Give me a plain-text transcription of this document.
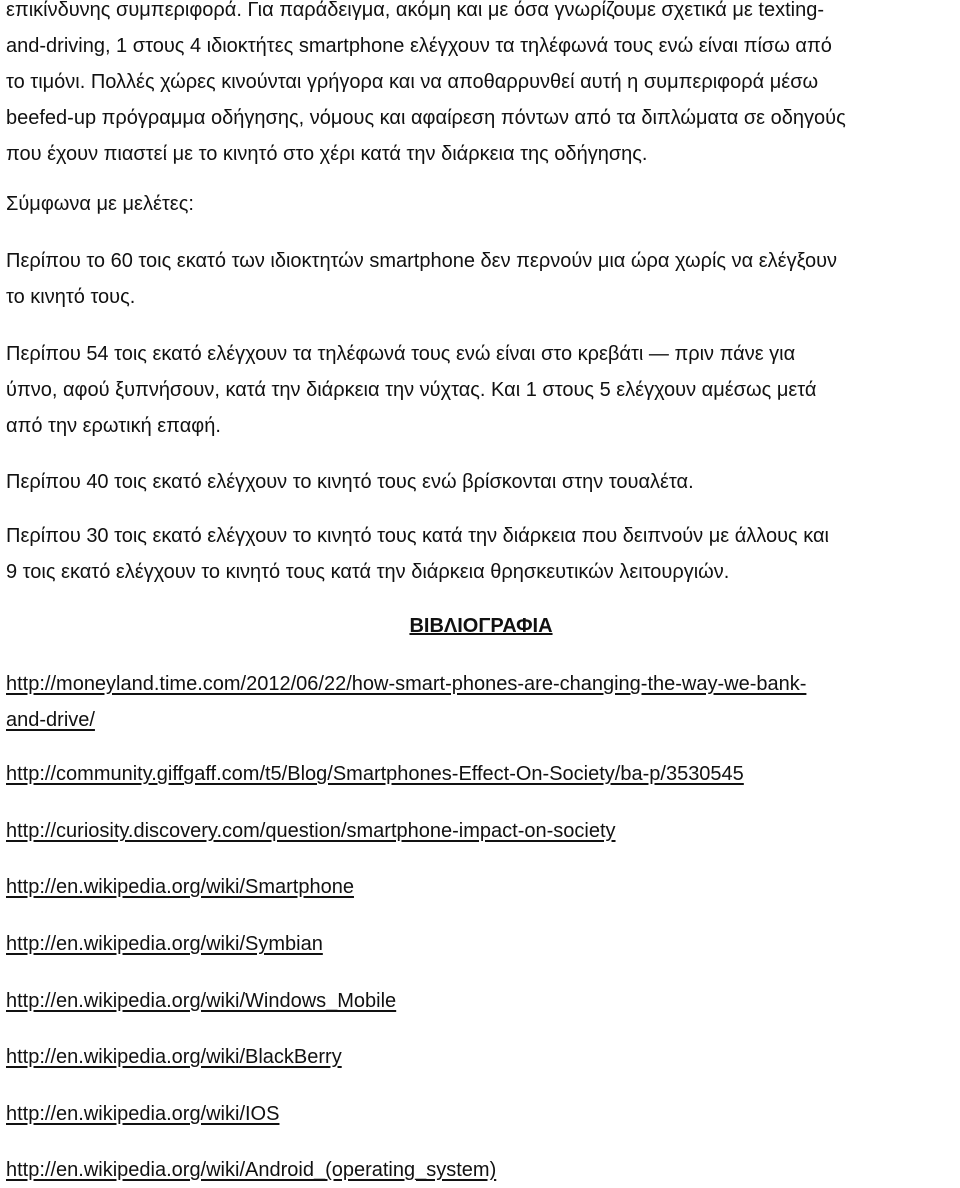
επικίνδυνης συμπεριφορά. Για παράδειγμα, ακόμη και με όσα γνωρίζουμε σχετικά με texting-
and-driving, 1 στους 4 ιδιοκτήτες smartphone ελέγχουν τα τηλέφωνά τους ενώ είναι πίσω από
το τιμόνι. Πολλές χώρες κινούνται γρήγορα και να αποθαρρυνθεί αυτή η συμπεριφορά μέσω
beefed-up πρόγραμμα οδήγησης, νόμους και αφαίρεση πόντων από τα διπλώματα σε οδηγούς
που έχουν πιαστεί με το κινητό στο χέρι κατά την διάρκεια της οδήγησης.

Σύμφωνα με μελέτες:

Περίπου το 60 τοις εκατό των ιδιοκτητών smartphone δεν περνούν μια ώρα χωρίς να ελέγξουν
το κινητό τους.

Περίπου 54 τοις εκατό ελέγχουν τα τηλέφωνά τους ενώ είναι στο κρεβάτι — πριν πάνε για
ύπνο, αφού ξυπνήσουν, κατά την διάρκεια την νύχτας. Και 1 στους 5 ελέγχουν αμέσως μετά
από την ερωτική επαφή.

Περίπου 40 τοις εκατό ελέγχουν το κινητό τους ενώ βρίσκονται στην τουαλέτα.

Περίπου 30 τοις εκατό ελέγχουν το κινητό τους κατά την διάρκεια που δειπνούν με άλλους και
9 τοις εκατό ελέγχουν το κινητό τους κατά την διάρκεια θρησκευτικών λειτουργιών.

ΒΙΒΛΙΟΓΡΑΦΙΑ
http://moneyland.time.com/2012/06/22/how-smart-phones-are-changing-the-way-we-bank-
and-drive/
http://community.giffgaff.com/t5/Blog/Smartphones-Effect-On-Society/ba-p/3530545
http://curiosity.discovery.com/question/smartphone-impact-on-society
http://en.wikipedia.org/wiki/Smartphone
http://en.wikipedia.org/wiki/Symbian
http://en.wikipedia.org/wiki/Windows_Mobile
http://en.wikipedia.org/wiki/BlackBerry
http://en.wikipedia.org/wiki/IOS
http://en.wikipedia.org/wiki/Android_(operating_system)
